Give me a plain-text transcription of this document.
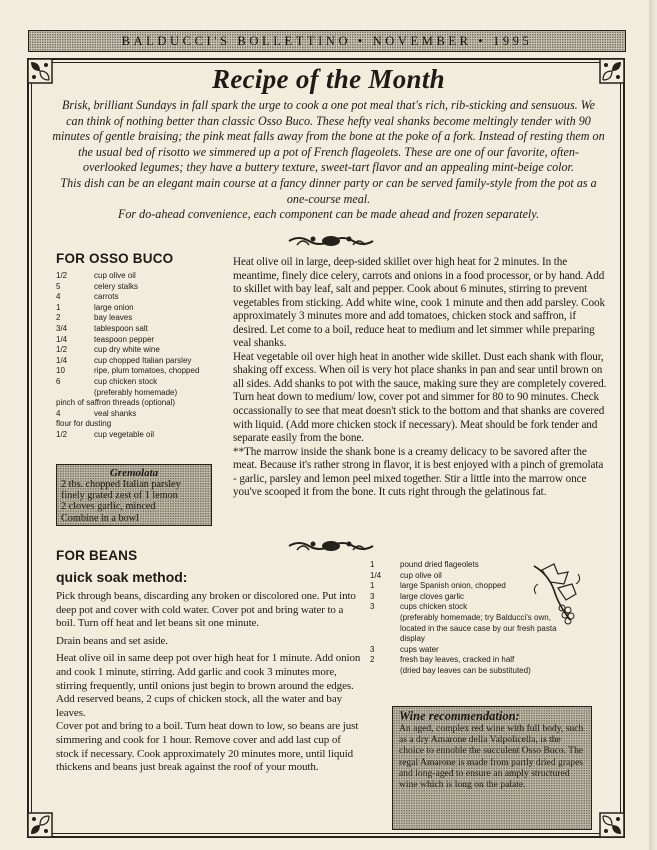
BALDUCCI'S BOLLETTINO • NOVEMBER • 1995
Recipe of the Month

Brisk, brilliant Sundays in fall spark the urge to cook a one pot meal that's rich, rib-sticking and sensuous. We can think of nothing better than classic Osso Buco. These hefty veal shanks become meltingly tender with 90 minutes of gentle braising; the pink meat falls away from the bone at the poke of a fork. Instead of resting them on the usual bed of risotto we simmered up a pot of French flageolets. These are one of our favorite, often-overlooked legumes; they have a buttery texture, sweet-tart flavor and an appealing mint-beige color.

This dish can be an elegant main course at a fancy dinner party or can be served family-style from the pot as a one-course meal.

For do-ahead convenience, each component can be made ahead and frozen separately.

FOR OSSO BUCO
1/2	cup olive oil
5	celery stalks
4	carrots
1	large onion
2	bay leaves
3/4	tablespoon salt
1/4	teaspoon pepper
1/2	cup dry white wine
1/4	cup chopped Italian parsley
10	ripe, plum tomatoes, chopped
6	cup chicken stock
(preferably homemade)
pinch of saffron threads (optional)
4	veal shanks
flour for dusting
1/2	cup vegetable oil
Gremolata
2 tbs. chopped Italian parsley
finely grated zest of 1 lemon
2 cloves garlic, minced
Combine in a bowl

Heat olive oil in large, deep-sided skillet over high heat for 2 minutes. In the meantime, finely dice celery, carrots and onions in a food processor, or by hand. Add to skillet with bay leaf, salt and pepper. Cook about 6 minutes, stirring to prevent vegetables from sticking. Add white wine, cook 1 minute and then add parsley. Cook approximately 3 minutes more and add tomatoes, chicken stock and saffron, if desired. Let come to a boil, reduce heat to medium and let simmer while preparing veal shanks.

Heat vegetable oil over high heat in another wide skillet. Dust each shank with flour, shaking off excess. When oil is very hot place shanks in pan and sear until brown on all sides. Add shanks to pot with the sauce, making sure they are completely covered. Turn heat down to medium/ low, cover pot and simmer for 80 to 90 minutes. Check occassionally to see that meat doesn't stick to the bottom and that shanks are covered with liquid. (Add more chicken stock if necessary). Meat should be fork tender and separate easily from the bone.

**The marrow inside the shank bone is a creamy delicacy to be savored after the meat. Because it's rather strong in flavor, it is best enjoyed with a pinch of gremolata - garlic, parsley and lemon peel mixed together. Stir a little into the marrow once you've scooped it from the bone. It cuts right through the gelatinous fat.

FOR BEANS
quick soak method:

Pick through beans, discarding any broken or discolored one. Put into deep pot and cover with cold water. Cover pot and bring water to a boil. Turn off heat and let beans sit one minute.

Drain beans and set aside.

Heat olive oil in same deep pot over high heat for 1 minute. Add onion and cook 1 minute, stirring. Add garlic and cook 3 minutes more, stirring frequently, until onions just begin to brown around the edges. Add reserved beans, 2 cups of chicken stock, all the water and bay leaves.

Cover pot and bring to a boil. Turn heat down to low, so beans are just simmering and cook for 1 hour. Remove cover and add last cup of stock if necessary. Cook approximately 20 minutes more, until liquid thickens and beans just break against the roof of your mouth.

1	pound dried flageolets
1/4	cup olive oil
1	large Spanish onion, chopped
3	large cloves garlic
3	cups chicken stock
(preferably homemade; try Balducci's own,
located in the sauce case by our fresh pasta
display
3	cups water
2	fresh bay leaves, cracked in half
(dried bay leaves can be substituted)
Wine recommendation:
An aged, complex red wine with full body, such as a dry Amarone della Valpolicella, is the choice to ennoble the succulent Osso Buco. The regal Amarone is made from partly dried grapes and long-aged to ensure an amply structured wine which is long on the palate.
